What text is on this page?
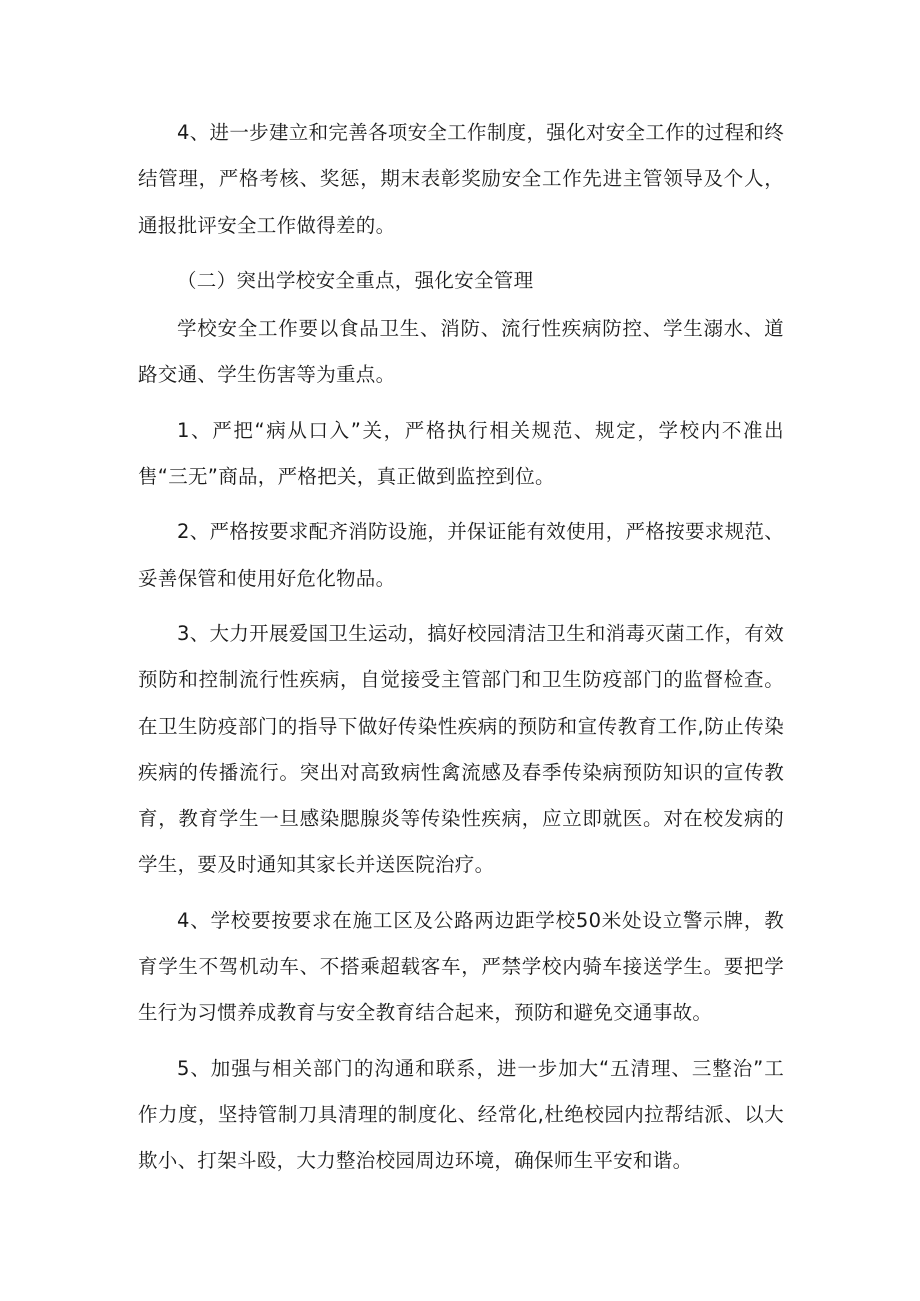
4、进一步建立和完善各项安全工作制度，强化对安全工作的过程和终结管理，严格考核、奖惩，期末表彰奖励安全工作先进主管领导及个人，通报批评安全工作做得差的。

（二）突出学校安全重点，强化安全管理

学校安全工作要以食品卫生、消防、流行性疾病防控、学生溺水、道路交通、学生伤害等为重点。

1、严把“病从口入”关，严格执行相关规范、规定，学校内不准出售“三无”商品，严格把关，真正做到监控到位。

2、严格按要求配齐消防设施，并保证能有效使用，严格按要求规范、妥善保管和使用好危化物品。

3、大力开展爱国卫生运动，搞好校园清洁卫生和消毒灭菌工作，有效预防和控制流行性疾病，自觉接受主管部门和卫生防疫部门的监督检查。在卫生防疫部门的指导下做好传染性疾病的预防和宣传教育工作,防止传染疾病的传播流行。突出对高致病性禽流感及春季传染病预防知识的宣传教育，教育学生一旦感染腮腺炎等传染性疾病，应立即就医。对在校发病的学生，要及时通知其家长并送医院治疗。

4、学校要按要求在施工区及公路两边距学校50米处设立警示牌，教育学生不驾机动车、不搭乘超载客车，严禁学校内骑车接送学生。要把学生行为习惯养成教育与安全教育结合起来，预防和避免交通事故。

5、加强与相关部门的沟通和联系，进一步加大“五清理、三整治”工作力度，坚持管制刀具清理的制度化、经常化,杜绝校园内拉帮结派、以大欺小、打架斗殴，大力整治校园周边环境，确保师生平安和谐。
